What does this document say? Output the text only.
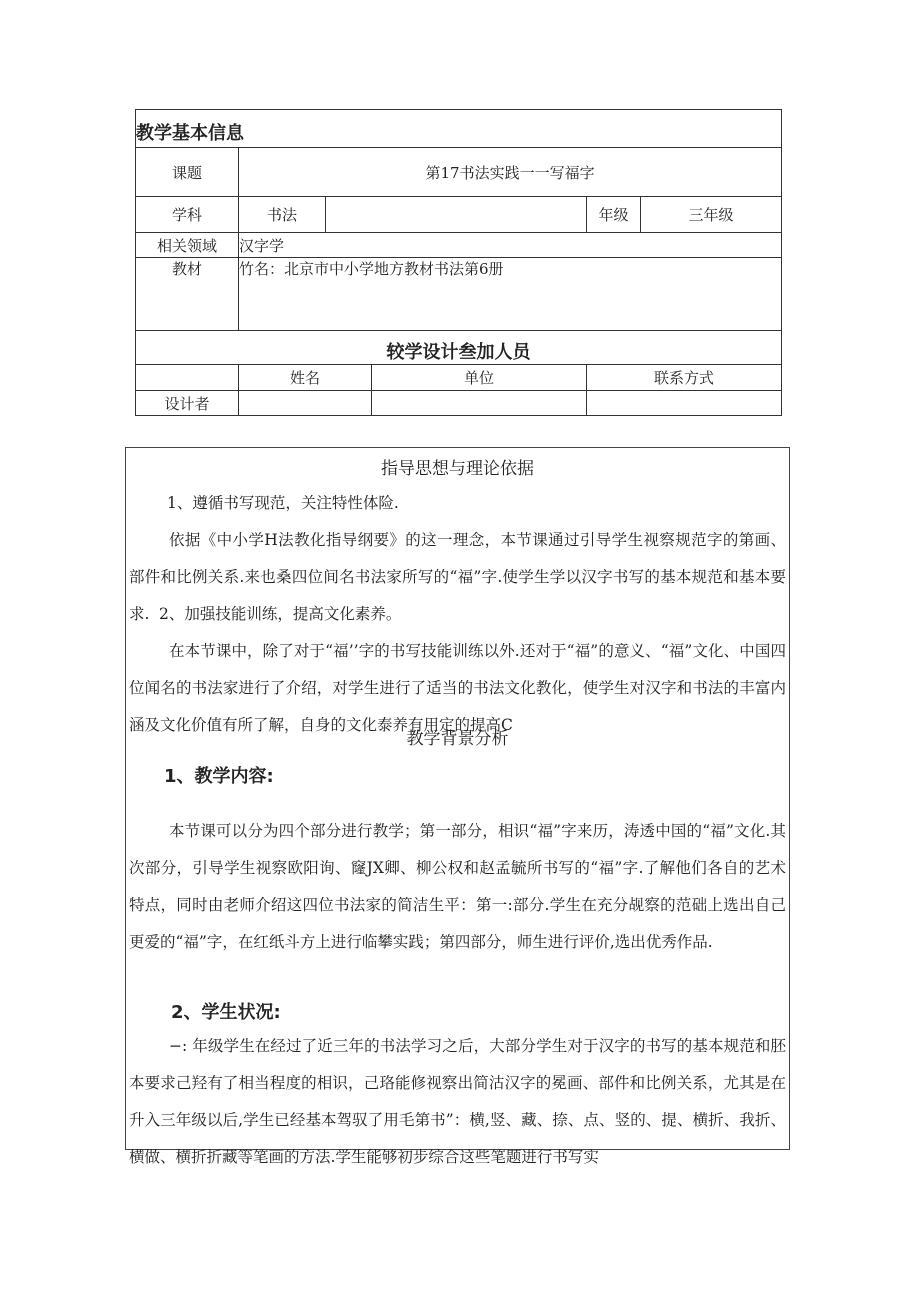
教学基本信息					
课题	第17书法实践一一写福字				
学科	书法			年级	三年级
相关领域	汉字学				
教材	竹名：北京市中小学地方教材书法第6册				
较学设计叁加人员					
	姓名		单位	联系方式	
设计者					
指导思想与理论依据
1、遵循书写现范，关注特性体险.
依据《中小学H法教化指导纲要》的这一理念，本节课通过引导学生视察规范字的第画、部件和比例关系.来也桑四位间名书法家所写的“福”字.使学生学以汉字书写的基本规范和基本要求. 2、加强技能训练，提高文化素养。
在本节课中，除了对于“福’’字的书写技能训练以外.还对于“福”的意义、“福”文化、中国四位闻名的书法家进行了介绍，对学生进行了适当的书法文化教化，使学生对汉字和书法的丰富内涵及文化价值有所了解，自身的文化泰养有用定的提高C
教学背景分析
1、教学内容:
本节课可以分为四个部分进行教学；第一部分，相识“福”字来历，涛透中国的“福”文化.其次部分，引导学生视察欧阳询、窿JX卿、柳公权和赵孟毓所书写的“福”字.了解他们各自的艺术特点，同时由老师介绍这四位书法家的简洁生平：第一:部分.学生在充分觇察的范础上选出自己更爱的“福”字，在红纸斗方上进行临攀实践；第四部分，师生进行评价,选出优秀作品.
2、学生状况:
−: 年级学生在经过了近三年的书法学习之后，大部分学生对于汉字的书写的基本规范和胚本要求己羟有了相当程度的相识，己珞能修视察出简沽汉字的冕画、部件和比例关系，尤其是在升入三年级以后,学生已经基本驾驭了用毛第书”：横,竖、藏、捺、点、竖的、提、横折、我折、横做、横折折藏等笔画的方法.学生能够初步综合这些笔题进行书写实
